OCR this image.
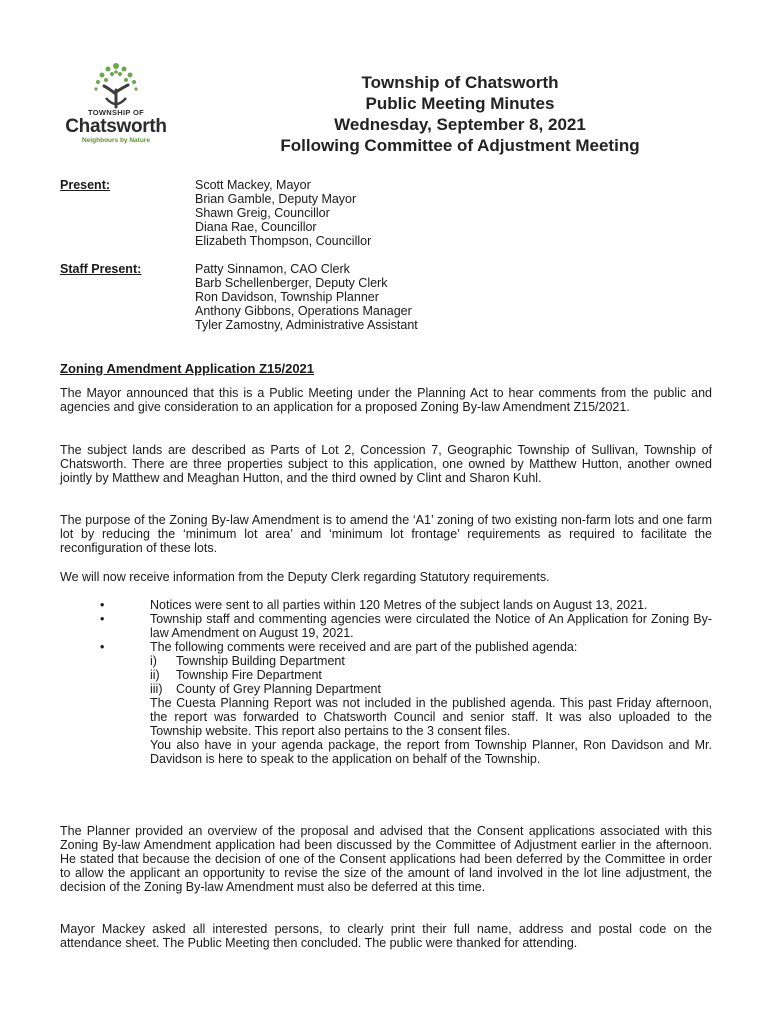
TOWNSHIP OF
Chatsworth
Neighbours by Nature
Township of Chatsworth
Public Meeting Minutes
Wednesday, September 8, 2021
Following Committee of Adjustment Meeting
Present:	Scott Mackey, Mayor
Brian Gamble, Deputy Mayor
Shawn Greig, Councillor
Diana Rae, Councillor
Elizabeth Thompson, Councillor
Staff Present:	Patty Sinnamon, CAO Clerk
Barb Schellenberger, Deputy Clerk
Ron Davidson, Township Planner
Anthony Gibbons, Operations Manager
Tyler Zamostny, Administrative Assistant
Zoning Amendment Application Z15/2021
The Mayor announced that this is a Public Meeting under the Planning Act to hear comments from the public and agencies and give consideration to an application for a proposed Zoning By-law Amendment Z15/2021.
The subject lands are described as Parts of Lot 2, Concession 7, Geographic Township of Sullivan, Township of Chatsworth. There are three properties subject to this application, one owned by Matthew Hutton, another owned jointly by Matthew and Meaghan Hutton, and the third owned by Clint and Sharon Kuhl.
The purpose of the Zoning By-law Amendment is to amend the ‘A1’ zoning of two existing non-farm lots and one farm lot by reducing the ‘minimum lot area’ and ‘minimum lot frontage’ requirements as required to facilitate the reconfiguration of these lots.
We will now receive information from the Deputy Clerk regarding Statutory requirements.
•	Notices were sent to all parties within 120 Metres of the subject lands on August 13, 2021.
•	Township staff and commenting agencies were circulated the Notice of An Application for Zoning By-law Amendment on August 19, 2021.
•	The following comments were received and are part of the published agenda:
i)	Township Building Department
ii)	Township Fire Department
iii)	County of Grey Planning Department
The Cuesta Planning Report was not included in the published agenda. This past Friday afternoon, the report was forwarded to Chatsworth Council and senior staff. It was also uploaded to the Township website. This report also pertains to the 3 consent files.
You also have in your agenda package, the report from Township Planner, Ron Davidson and Mr. Davidson is here to speak to the application on behalf of the Township.
The Planner provided an overview of the proposal and advised that the Consent applications associated with this Zoning By-law Amendment application had been discussed by the Committee of Adjustment earlier in the afternoon. He stated that because the decision of one of the Consent applications had been deferred by the Committee in order to allow the applicant an opportunity to revise the size of the amount of land involved in the lot line adjustment, the decision of the Zoning By-law Amendment must also be deferred at this time.
Mayor Mackey asked all interested persons, to clearly print their full name, address and postal code on the attendance sheet. The Public Meeting then concluded. The public were thanked for attending.
